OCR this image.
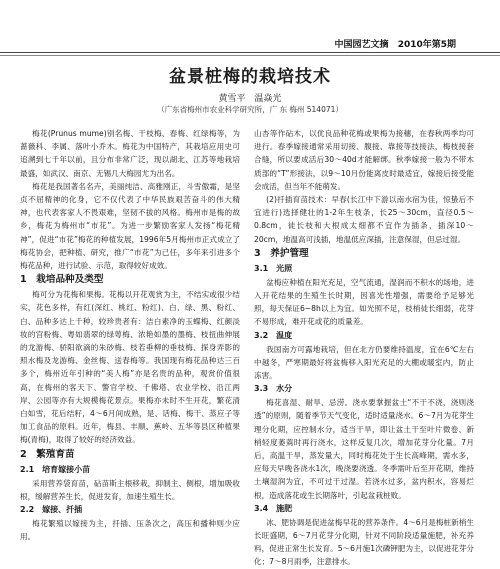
中国园艺文摘 2010年第5期
盆景桩梅的栽培技术
黄雪平　温焱光
（广东省梅州市农业科学研究所，广 东 梅州 514071）

梅花(Prunus mume)别名梅、干枝梅、春梅、红绿梅等，为蔷薇科、李属、落叶小乔木。梅花为中国特产，其栽培应用史可追溯到七千年以前，且分布非常广泛，现以湖北、江苏等地栽培最盛，如武汉、南京、无锡几大梅园尤为出名。

梅花是我国著名名卉，美丽纯洁、高雅刚正，斗雪傲霜，是坚贞不屈精神的化身，它不仅代表了中华民族艰苦奋斗的伟大精神，也代表客家人不畏艰难，坚韧不拔的风格。梅州市是梅的故乡，梅花为梅州市“市花”。为进一步繁励客家人发扬“梅花精神”，促进“市花”梅花的种植发展，1996年5月梅州市正式成立了梅花协会，把种植、研究，推广“市花”为己任，多年来引进多个梅花品种，进行试验、示范，取得较好成效。

1　栽培品种及类型

梅可分为花梅和果梅。花梅以开花观赏为主，不结实或很少结实，花色多样，有红(深红、桃红、粉红)、白、绿、黑、粉红、白、品种多达上千种，较珍贵者有：洁白素净的玉蝶梅、红颜淡妆的宫粉梅、粤如翡翠的绿萼梅、浓艳如墨的墨梅、枝扭曲伸展的龙游梅、骄阳欲滴的朱砂梅、枝若垂柳的垂枝梅、探身弄影的照水梅及龙游梅、金丝梅、送春梅等。我国现有梅花品种达三百多个，梅州近年引种的“美人梅”亦是名贵的品种，观赏价值很高，在梅州的客天下、警官学校、千佛塔、农业学校、沿江两岸、公园等亦有大规模梅花景点。果梅亦未时不生开花，繁花清白如雪，花后结籽，4～6月间成熟，是、话梅、梅干、蒸应子等加工食品的原料。近年，梅县、丰顺、蕉岭、五华等县区种植果梅(青梅)，取得了较好的经济效益。

2　繁殖育苗

2.1　培育嫁接小苗

采用营养袋育苗，砧苗斯主根移栽，抑制主、侧根，增加吸收根，缓解营养生长，促进发育，加速生殖生长。

2.2　嫁接、扦插

梅花繁殖以嫁接为主，扦插、压条次之，高压和播种则少应用。

山杏等作砧木，以优良品种花梅或果梅为接穗，在春秋两季均可进行。春季嫁接通常采用切接、腹接、靠接等技接法，梅枝接套合缝，所以要成活后30～40d才能解绑。秋季嫁接一般为不带木质部的“T”形接法，以9～10月份能离皮时最适宜，嫁接后接受能会成活，但当年不能萌发。

(2)扦插育苗技术：早春(长江中下游以南水宿为佳，惊蛰后不宜进行)选择健壮的1-2年生枝条，长25～30cm，直径0.5～0.8cm，徒长枝和大根成太细都不宜作为插条，插深10～20cm，地温高可浅插，地温低应深插，注意保湿，但忌过湿。

3　养护管理

3.1　光照

盆梅应种植在阳光充足，空气流通，湿润而不积水的场地，进入开花结果的生殖生长时期，因喜光性增强，需要给予足够光照，每天保证6~8h以上为宜。如光照不足，枝梢徒长细弱，花芽不易形成，难开花或花的质量差。

3.2　温度

我国南方可露地栽培，但在北方仍要维持温度，宜在6℃左右中越冬，严寒期最好将盆梅移入阳光充足的大棚或暖室内，防止冻害。

3.3　水分

梅花喜湿、耐旱、忌涝。浇水要掌握盆土“不干不浇，浇则浇透”的原则，随着季节天气变化，适时适量浇水。6～7月为花芽生理分化期，应控制水分，适当干旱，即让盆土干至叶片微卷、新梢轻度萎蔫时再行浇水，这样反复几次，增加花芽分化量。7月后，高温干旱，蒸发量大，同时梅花处于生长高峰期，需水多，应每天早晚各浇水1次，晚浇要浇透。冬季需叶后至开花期，维持土壤湿润为宜，不可过干过湿。若浇水过多，盆内积水，容易烂根，造成落花或生长期落叶，引起盆栽桩败。

3.4　施肥

冰、肥协调是促进盆梅早花的营养条件。4～6月是梅桩新梢生长旺盛期，6～7月花芽分化期，针对不同阶段适量施肥，补充养料，促进正常生长发育。5～6月施1次磷钾肥为主，以促进花芽分化；7～8月雨季，注意排水。
